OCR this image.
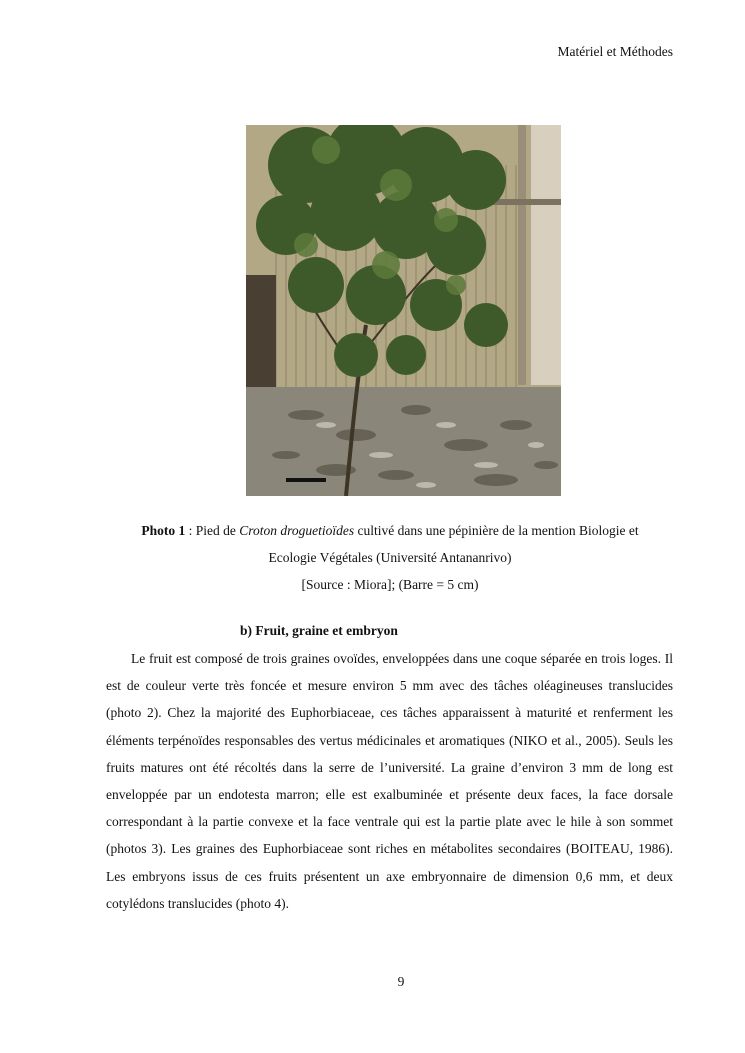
Matériel et Méthodes
Photo 1 : Pied de Croton droguetioïdes cultivé dans une pépinière de la mention Biologie et
Ecologie Végétales (Université Antananrivo)
[Source : Miora]; (Barre = 5 cm)
b) Fruit, graine et embryon

Le fruit est composé de trois graines ovoïdes, enveloppées dans une coque séparée en trois loges. Il est de couleur verte très foncée et mesure environ 5 mm avec des tâches oléagineuses translucides (photo 2). Chez la majorité des Euphorbiaceae, ces tâches apparaissent à maturité et renferment les éléments terpénoïdes responsables des vertus médicinales et aromatiques (NIKO et al., 2005). Seuls les fruits matures ont été récoltés dans la serre de l’université. La graine d’environ 3 mm de long est enveloppée par un endotesta marron; elle est exalbuminée et présente deux faces, la face dorsale correspondant à la partie convexe et la face ventrale qui est la partie plate avec le hile à son sommet (photos 3). Les graines des Euphorbiaceae sont riches en métabolites secondaires (BOITEAU, 1986). Les embryons issus de ces fruits présentent un axe embryonnaire de dimension 0,6 mm, et deux cotylédons translucides (photo 4).

9
